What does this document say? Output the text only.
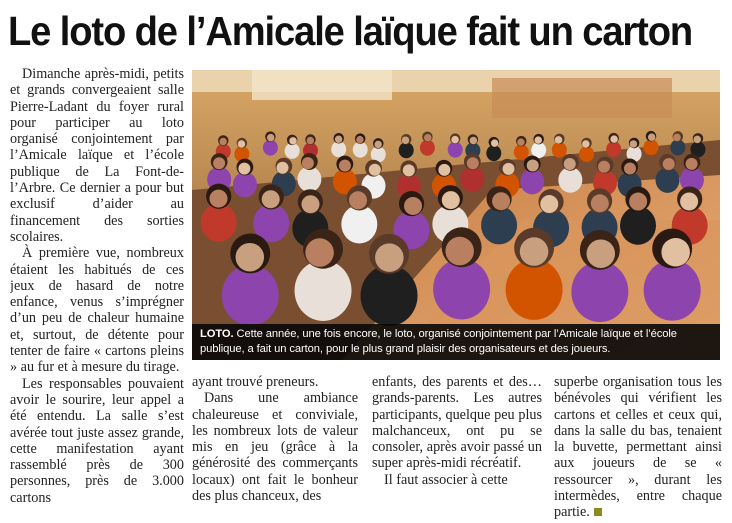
Le loto de l’Amicale laïque fait un carton

Dimanche après-midi, petits et grands convergeaient salle Pierre-Ladant du foyer rural pour participer au loto organisé conjointement par l’Amicale laïque et l’école publique de La Font-de-l’Arbre. Ce dernier a pour but exclusif d’aider au financement des sorties scolaires.

À première vue, nombreux étaient les habitués de ces jeux de hasard de notre enfance, venus s’imprégner d’un peu de chaleur humaine et, surtout, de détente pour tenter de faire « cartons pleins » au fur et à mesure du tirage.

Les responsables pouvaient avoir le sourire, leur appel a été entendu. La salle s’est avérée tout juste assez grande, cette manifestation ayant rassemblé près de 300 personnes, près de 3.000 cartons

LOTO. Cette année, une fois encore, le loto, organisé conjointement par l’Amicale laïque et l’école publique, a fait un carton, pour le plus grand plaisir des organisateurs et des joueurs.

ayant trouvé preneurs.

Dans une ambiance chaleureuse et conviviale, les nombreux lots de valeur mis en jeu (grâce à la générosité des commerçants locaux) ont fait le bonheur des plus chanceux, des

enfants, des parents et des… grands-parents. Les autres participants, quelque peu plus malchanceux, ont pu se consoler, après avoir passé un super après-midi récréatif.

Il faut associer à cette

superbe organisation tous les bénévoles qui vérifient les cartons et celles et ceux qui, dans la salle du bas, tenaient la buvette, permettant ainsi aux joueurs de se « ressourcer », durant les intermèdes, entre chaque partie.
